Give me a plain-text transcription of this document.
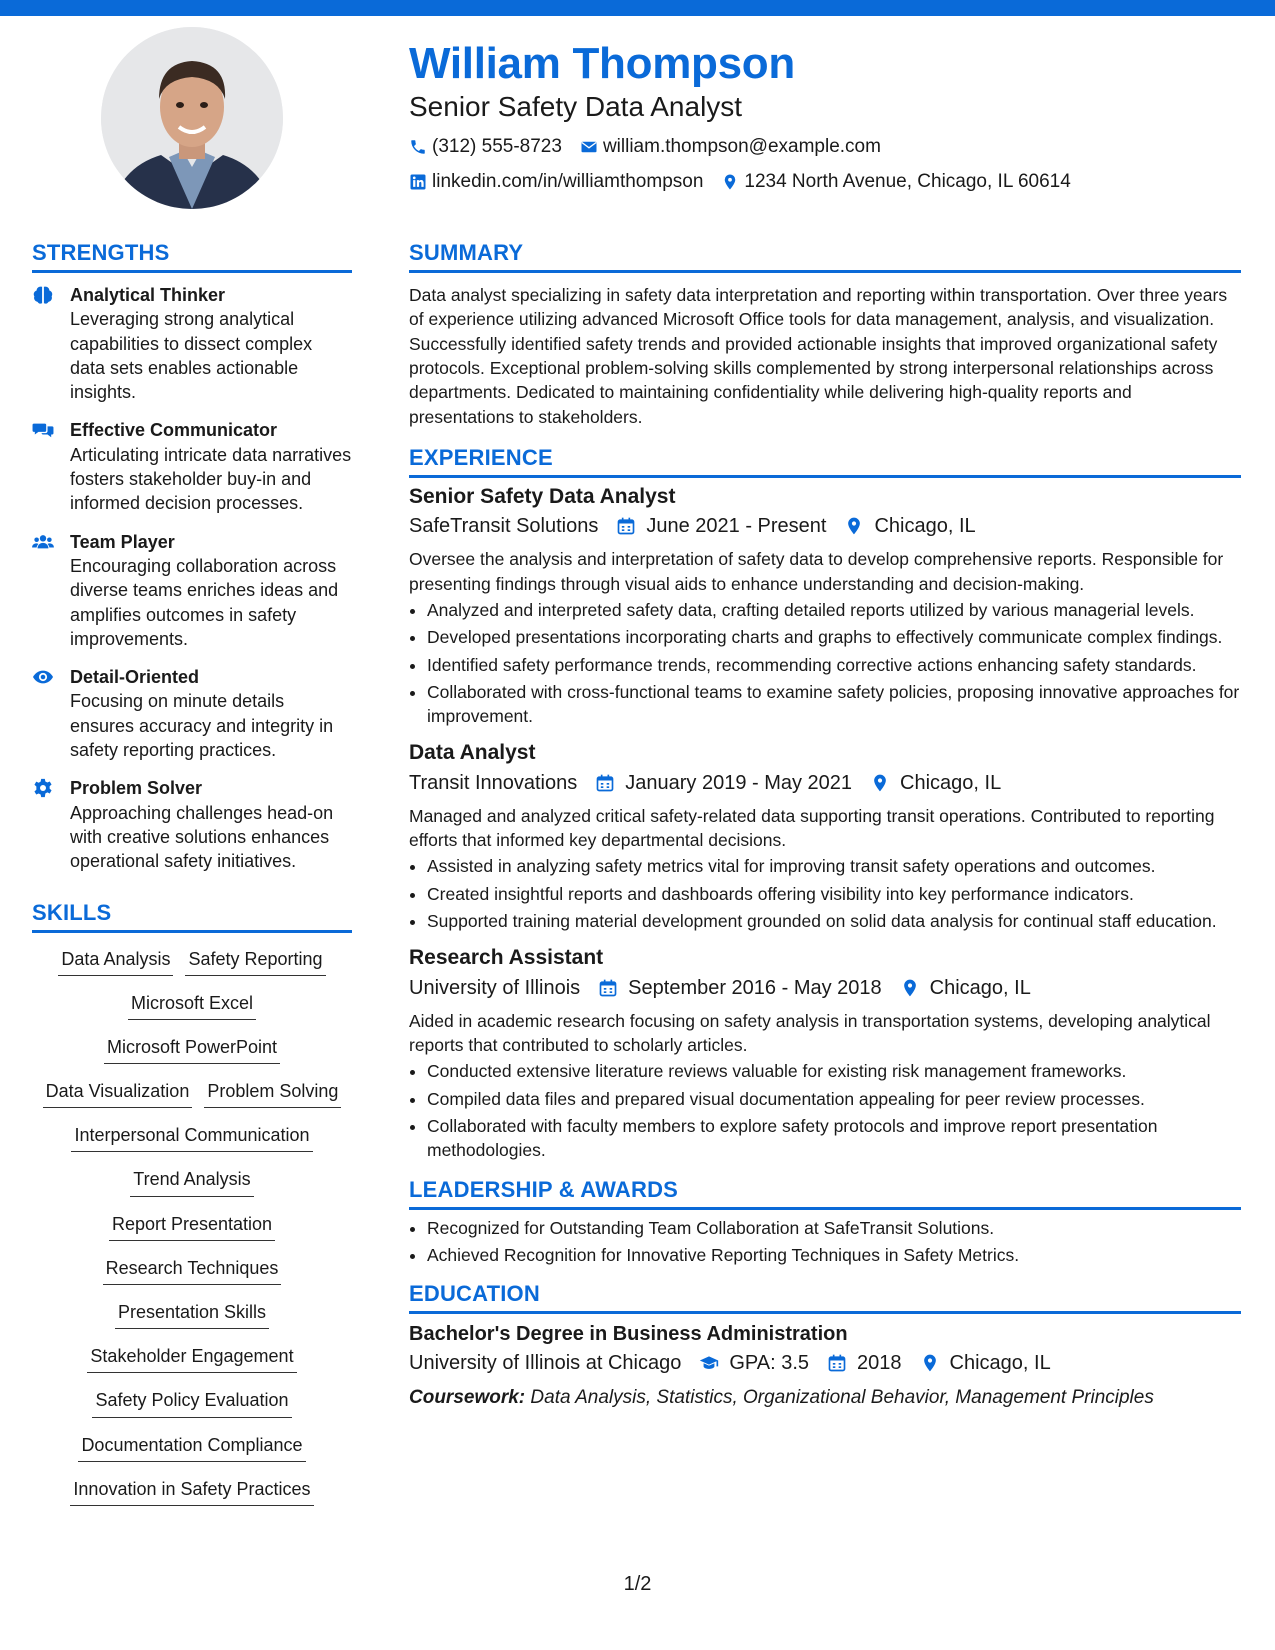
William Thompson
Senior Safety Data Analyst
(312) 555-8723 william.thompson@example.com
linkedin.com/in/williamthompson 1234 North Avenue, Chicago, IL 60614
STRENGTHS
Analytical Thinker
Leveraging strong analytical capabilities to dissect complex data sets enables actionable insights.
Effective Communicator
Articulating intricate data narratives fosters stakeholder buy-in and informed decision processes.
Team Player
Encouraging collaboration across diverse teams enriches ideas and amplifies outcomes in safety improvements.
Detail-Oriented
Focusing on minute details ensures accuracy and integrity in safety reporting practices.
Problem Solver
Approaching challenges head-on with creative solutions enhances operational safety initiatives.
SKILLS
Data Analysis Safety Reporting
Microsoft Excel
Microsoft PowerPoint
Data Visualization Problem Solving
Interpersonal Communication
Trend Analysis
Report Presentation
Research Techniques
Presentation Skills
Stakeholder Engagement
Safety Policy Evaluation
Documentation Compliance
Innovation in Safety Practices
SUMMARY

Data analyst specializing in safety data interpretation and reporting within transportation. Over three years of experience utilizing advanced Microsoft Office tools for data management, analysis, and visualization. Successfully identified safety trends and provided actionable insights that improved organizational safety protocols. Exceptional problem-solving skills complemented by strong interpersonal relationships across departments. Dedicated to maintaining confidentiality while delivering high-quality reports and presentations to stakeholders.

EXPERIENCE
Senior Safety Data Analyst
SafeTransit Solutions June 2021 - Present Chicago, IL

Oversee the analysis and interpretation of safety data to develop comprehensive reports. Responsible for presenting findings through visual aids to enhance understanding and decision-making.

• Analyzed and interpreted safety data, crafting detailed reports utilized by various managerial levels.
• Developed presentations incorporating charts and graphs to effectively communicate complex findings.
• Identified safety performance trends, recommending corrective actions enhancing safety standards.
• Collaborated with cross-functional teams to examine safety policies, proposing innovative approaches for improvement.
Data Analyst
Transit Innovations January 2019 - May 2021 Chicago, IL

Managed and analyzed critical safety-related data supporting transit operations. Contributed to reporting efforts that informed key departmental decisions.

• Assisted in analyzing safety metrics vital for improving transit safety operations and outcomes.
• Created insightful reports and dashboards offering visibility into key performance indicators.
• Supported training material development grounded on solid data analysis for continual staff education.
Research Assistant
University of Illinois September 2016 - May 2018 Chicago, IL

Aided in academic research focusing on safety analysis in transportation systems, developing analytical reports that contributed to scholarly articles.

• Conducted extensive literature reviews valuable for existing risk management frameworks.
• Compiled data files and prepared visual documentation appealing for peer review processes.
• Collaborated with faculty members to explore safety protocols and improve report presentation methodologies.
LEADERSHIP & AWARDS
• Recognized for Outstanding Team Collaboration at SafeTransit Solutions.
• Achieved Recognition for Innovative Reporting Techniques in Safety Metrics.
EDUCATION
Bachelor's Degree in Business Administration
University of Illinois at Chicago GPA: 3.5 2018 Chicago, IL
Coursework: Data Analysis, Statistics, Organizational Behavior, Management Principles
1/2
